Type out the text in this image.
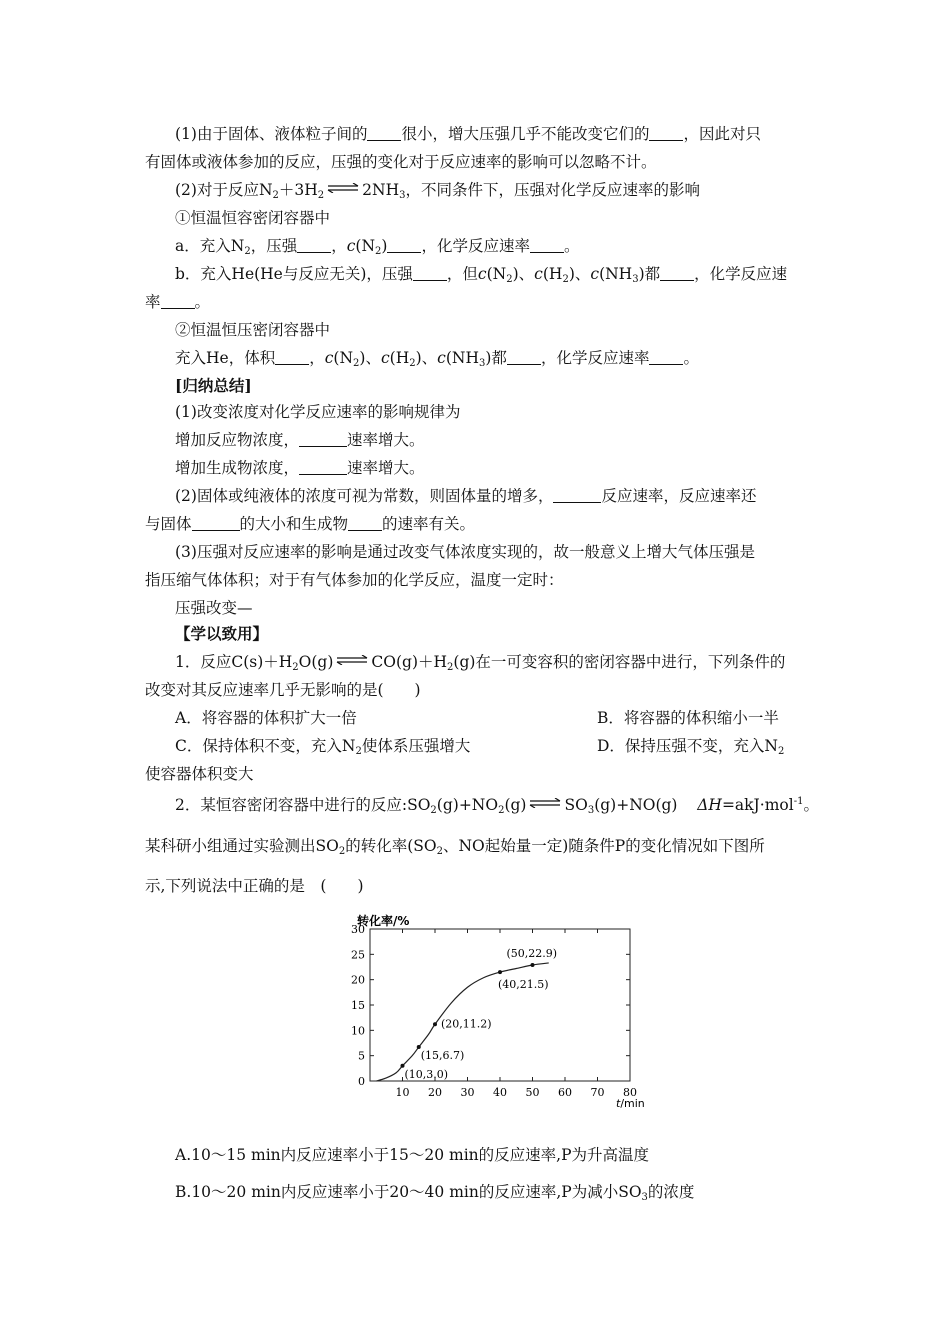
(1)由于固体、液体粒子间的 很小，增大压强几乎不能改变它们的 ，因此对只
有固体或液体参加的反应，压强的变化对于反应速率的影响可以忽略不计。
(2)对于反应$N_2+3H_2$ $2NH_3$，不同条件下，压强对化学反应速率的影响
①恒温恒容密闭容器中
a．充入$N_2$，压强 ，$c(N_2)$ ，化学反应速率 。
b．充入He(He与反应无关)，压强 ，但$c(N_2)$、$c(H_2)$、$c(NH_3)$都 ，化学反应速
率 。
②恒温恒压密闭容器中
充入He，体积 ，$c(N_2)$、$c(H_2)$、$c(NH_3)$都 ，化学反应速率 。
[归纳总结]
(1)改变浓度对化学反应速率的影响规律为
增加反应物浓度，	速率增大。
增加生成物浓度，	速率增大。
(2)固体或纯液体的浓度可视为常数，则固体量的增多，	反应速率，反应速率还
与固体	的大小和生成物 的速率有关。
(3)压强对反应速率的影响是通过改变气体浓度实现的，故一般意义上增大气体压强是
指压缩气体体积；对于有气体参加的化学反应，温度一定时：
压强改变—
【学以致用】
1．反应$C(s)+H_2O(g)$ $CO(g)+H_2(g)$在一可变容积的密闭容器中进行，下列条件的
改变对其反应速率几乎无影响的是(　　)
A．将容器的体积扩大一倍	B．将容器的体积缩小一半
C．保持体积不变，充入$N_2$使体系压强增大	D．保持压强不变，充入$N_2$
使容器体积变大
2．某恒容密闭容器中进行的反应$:SO_2(g)+NO_2(g)$ $SO_3(g)+NO(g)$ ΔH=akJ·mol$^{-1}$。
某科研小组通过实验测出$SO_2$的转化率($SO_2$、NO起始量一定)随条件P的变化情况如下图所
示,下列说法中正确的是　(　　)
转化率/%
t/min
0
5
10
15
20
25
30
10 20 30 40 50 60 70 80
(10,3.0)
(15,6.7)
(20,11.2)
(40,21.5)
(50,22.9)
A.10～15 min内反应速率小于15～20 min的反应速率,P为升高温度
B.10～20 min内反应速率小于20～40 min的反应速率,P为减小$SO_3$的浓度
